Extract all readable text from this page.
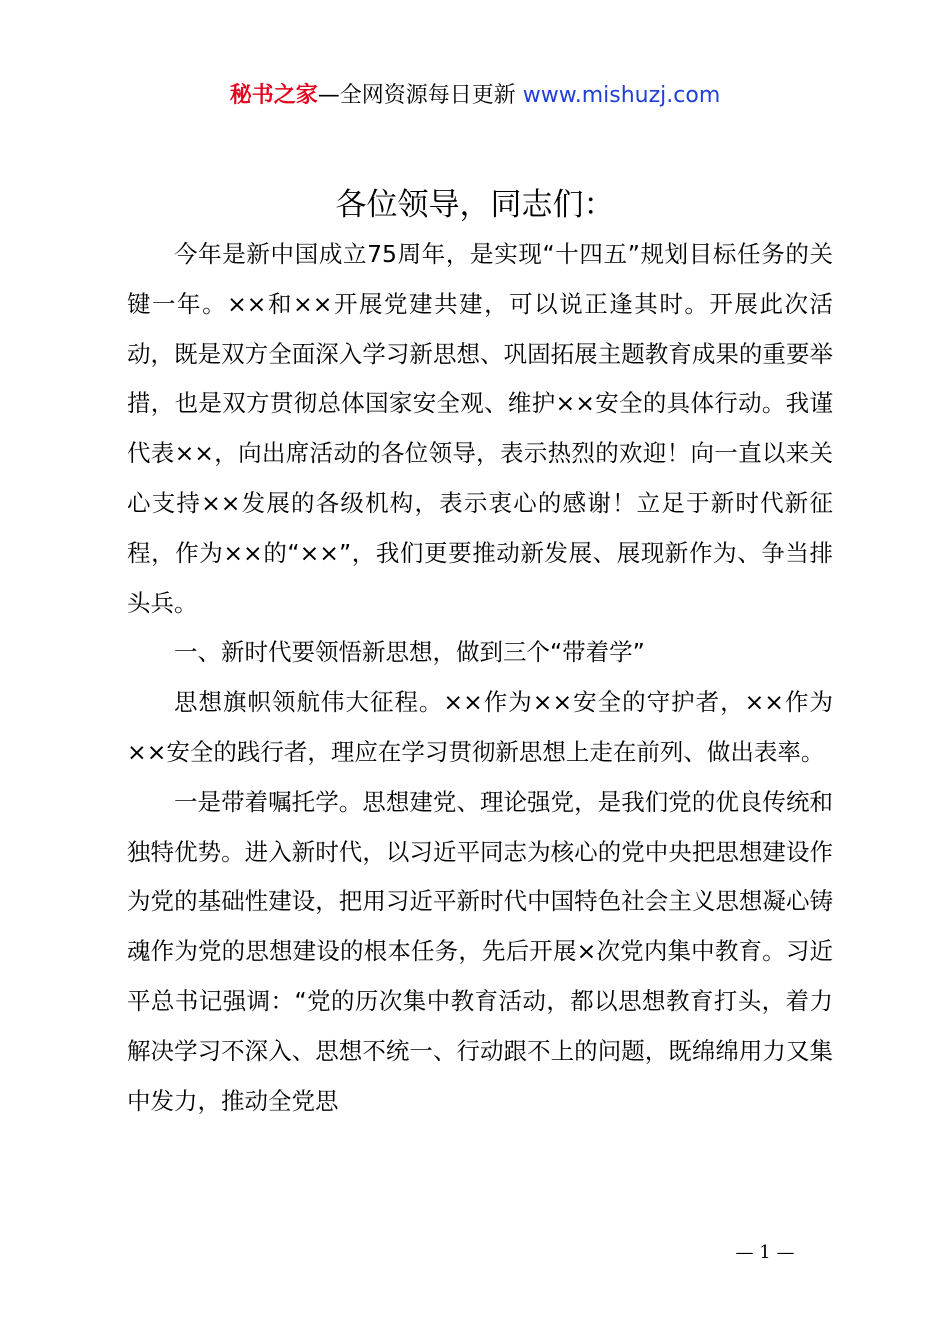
秘书之家—全网资源每日更新 www.mishuzj.com
各位领导，同志们：

今年是新中国成立75周年，是实现“十四五”规划目标任务的关键一年。××和××开展党建共建，可以说正逢其时。开展此次活动，既是双方全面深入学习新思想、巩固拓展主题教育成果的重要举措，也是双方贯彻总体国家安全观、维护××安全的具体行动。我谨代表××，向出席活动的各位领导，表示热烈的欢迎！向一直以来关心支持××发展的各级机构，表示衷心的感谢！立足于新时代新征程，作为××的“××”，我们更要推动新发展、展现新作为、争当排头兵。

一、新时代要领悟新思想，做到三个“带着学”

思想旗帜领航伟大征程。××作为××安全的守护者，××作为××安全的践行者，理应在学习贯彻新思想上走在前列、做出表率。

一是带着嘱托学。思想建党、理论强党，是我们党的优良传统和独特优势。进入新时代，以习近平同志为核心的党中央把思想建设作为党的基础性建设，把用习近平新时代中国特色社会主义思想凝心铸魂作为党的思想建设的根本任务，先后开展×次党内集中教育。习近平总书记强调：“党的历次集中教育活动，都以思想教育打头，着力解决学习不深入、思想不统一、行动跟不上的问题，既绵绵用力又集中发力，推动全党思

— 1 —
